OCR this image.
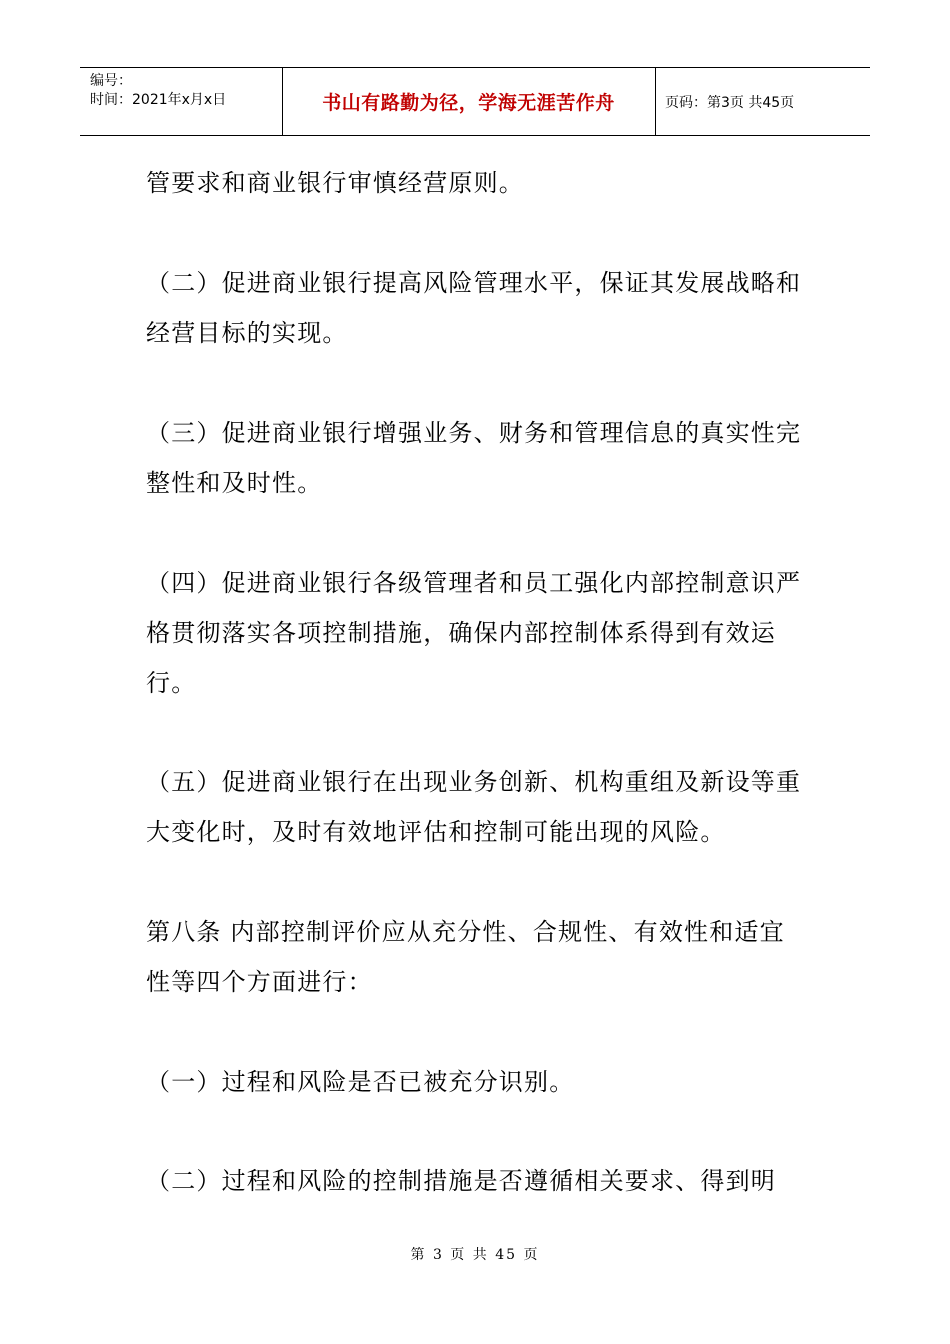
编号：
时间：2021年x月x日	书山有路勤为径，学海无涯苦作舟	页码：第3页 共45页

管要求和商业银行审慎经营原则。

（二）促进商业银行提高风险管理水平，保证其发展战略和经营目标的实现。

（三）促进商业银行增强业务、财务和管理信息的真实性完整性和及时性。

（四）促进商业银行各级管理者和员工强化内部控制意识严格贯彻落实各项控制措施，确保内部控制体系得到有效运行。

（五）促进商业银行在出现业务创新、机构重组及新设等重大变化时，及时有效地评估和控制可能出现的风险。

第八条 内部控制评价应从充分性、合规性、有效性和适宜性等四个方面进行：

（一）过程和风险是否已被充分识别。

（二）过程和风险的控制措施是否遵循相关要求、得到明

第 3 页 共 45 页
